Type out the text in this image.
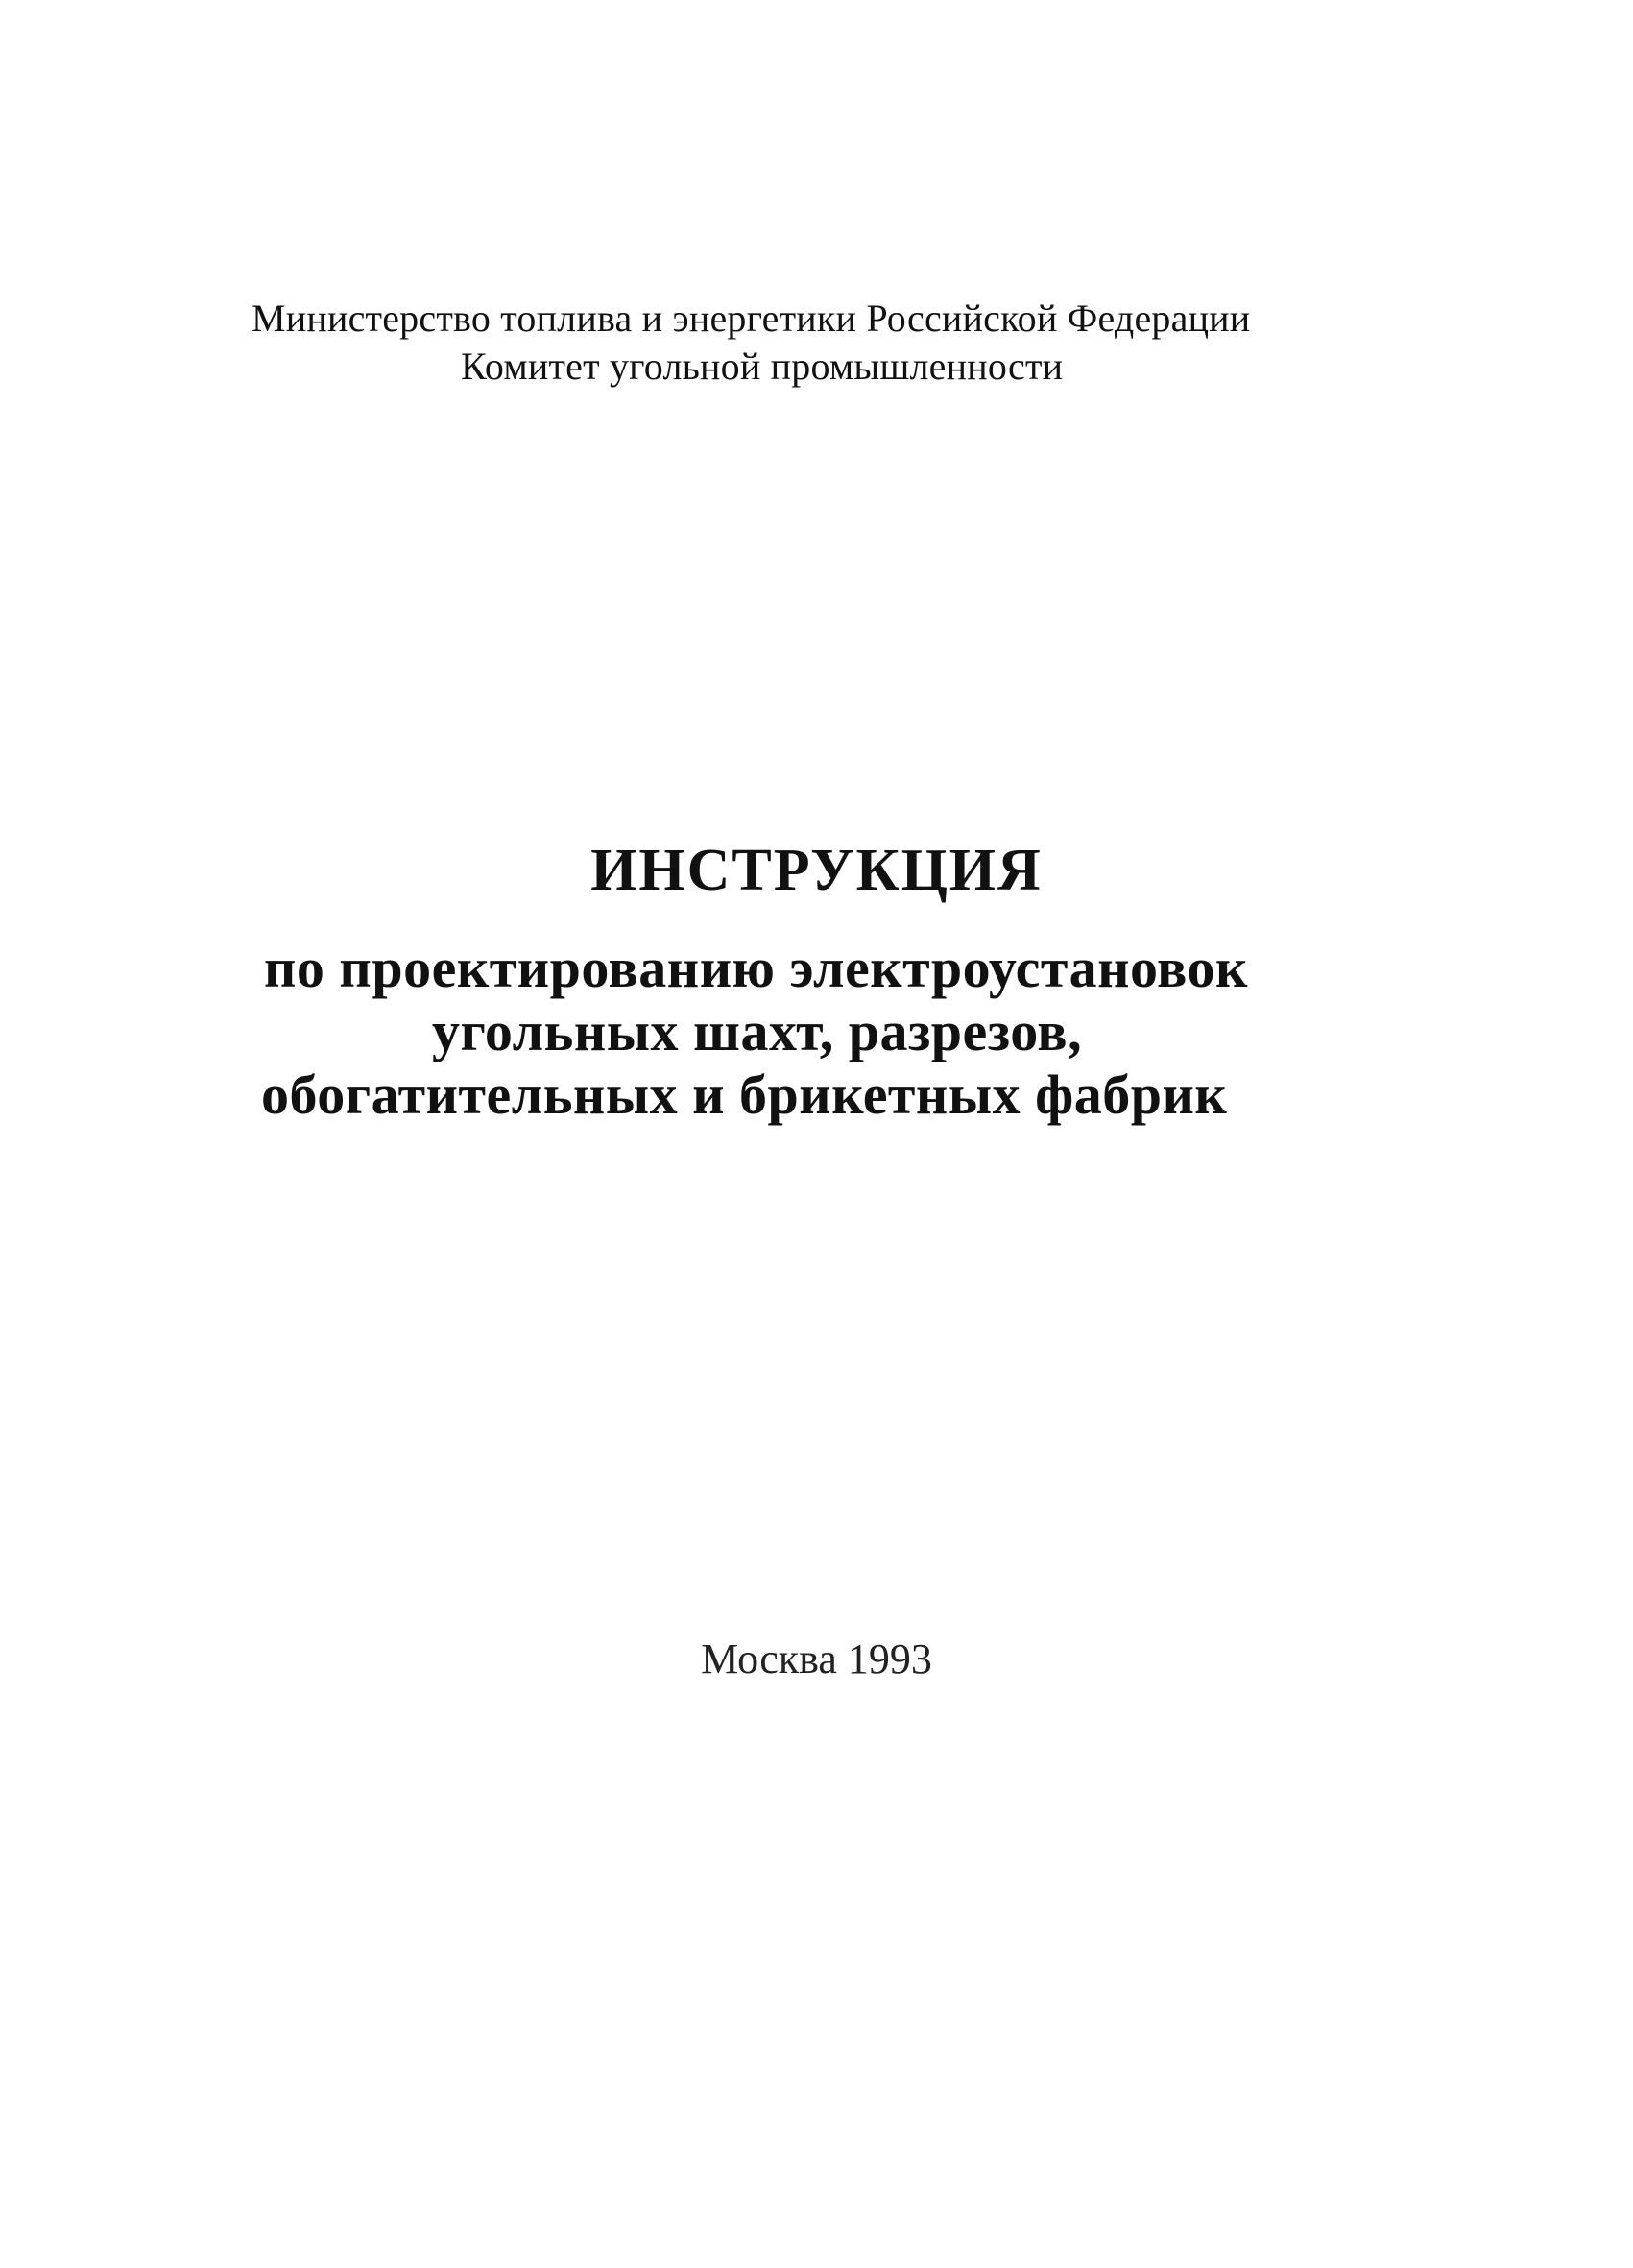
Министерство топлива и энергетики Российской Федерации
Комитет угольной промышленности
ИНСТРУКЦИЯ
по проектированию электроустановок
угольных шахт, разрезов,
обогатительных и брикетных фабрик
Москва 1993
